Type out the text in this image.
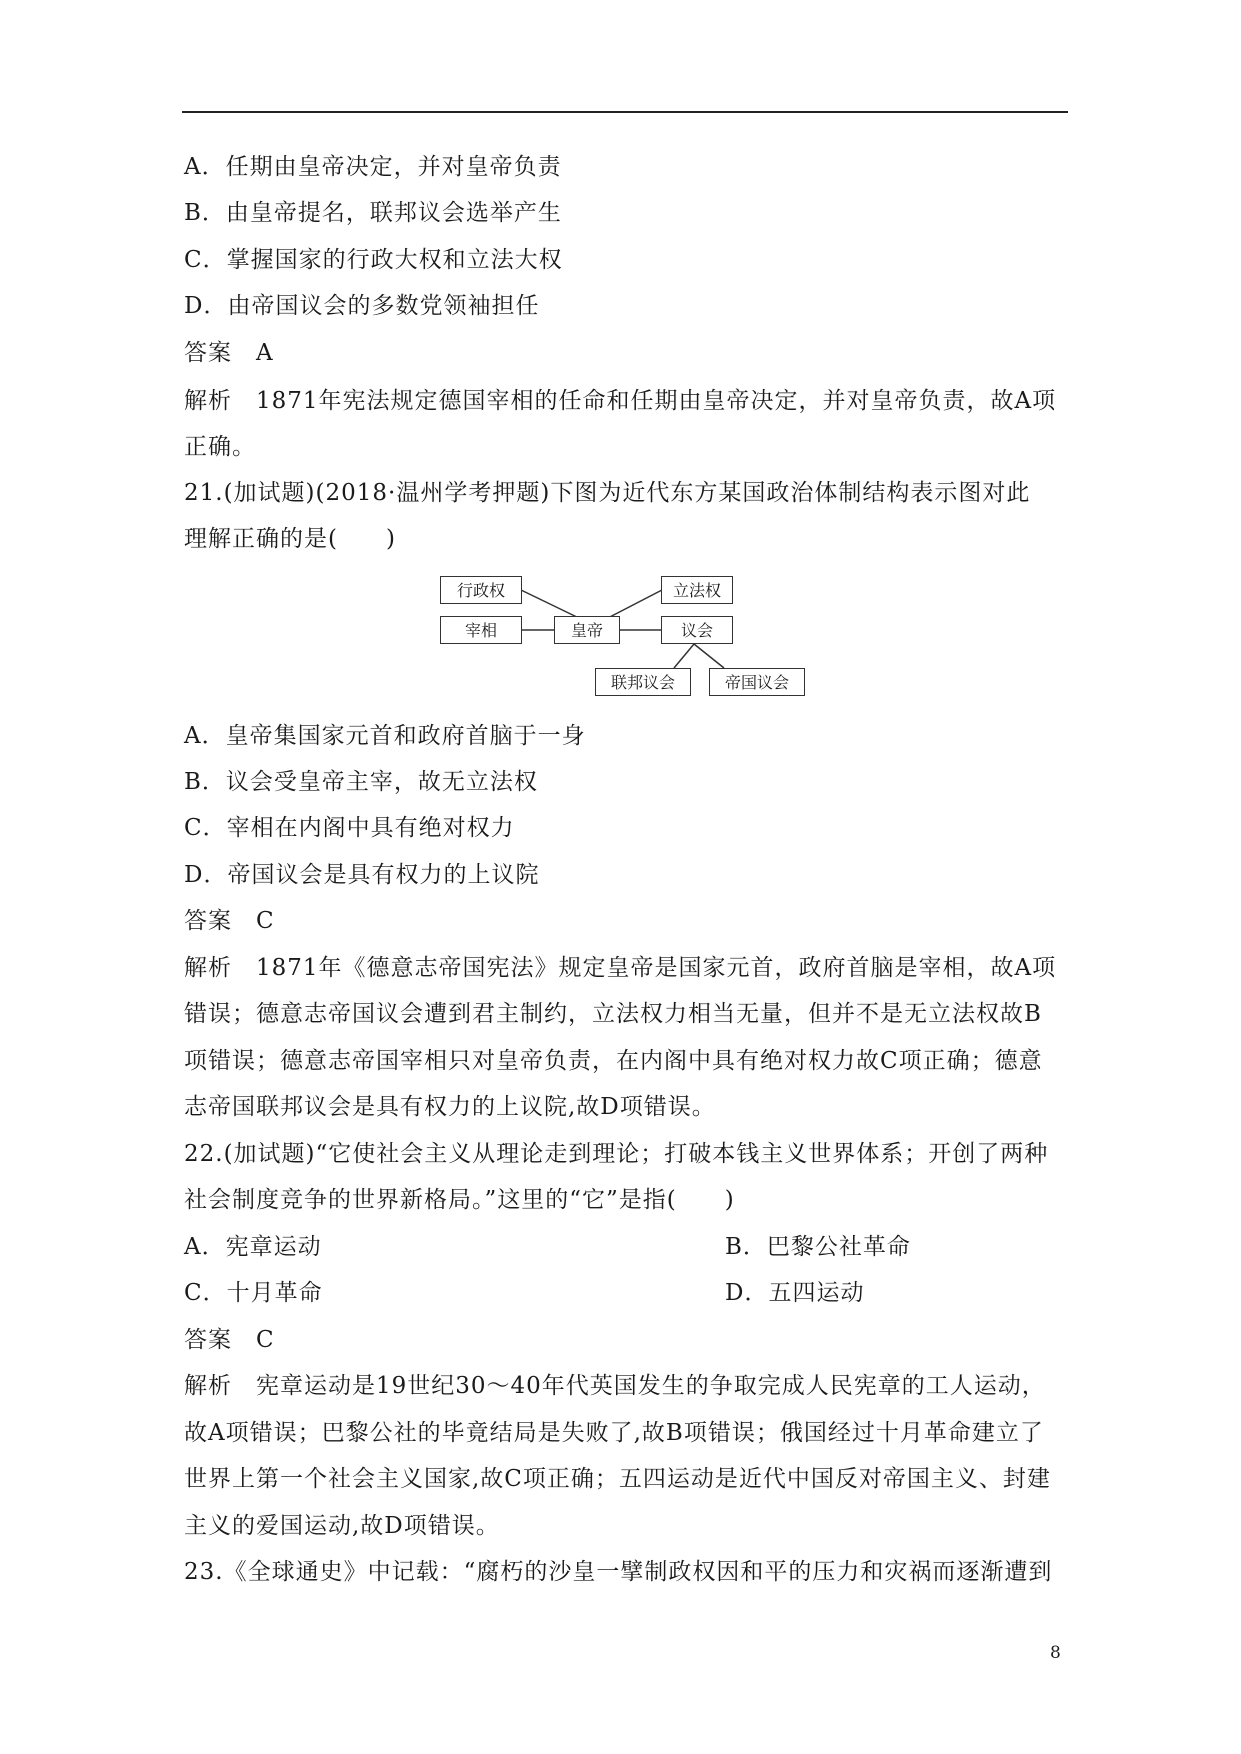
A．任期由皇帝决定，并对皇帝负责
B．由皇帝提名，联邦议会选举产生
C．掌握国家的行政大权和立法大权
D．由帝国议会的多数党领袖担任
答案　A
解析　1871年宪法规定德国宰相的任命和任期由皇帝决定，并对皇帝负责，故A项
正确。
21.(加试题)(2018·温州学考押题)下图为近代东方某国政治体制结构表示图对此
理解正确的是(　　)
行政权
宰相	皇帝
立法权
议会
联邦议会	帝国议会
A．皇帝集国家元首和政府首脑于一身
B．议会受皇帝主宰，故无立法权
C．宰相在内阁中具有绝对权力
D．帝国议会是具有权力的上议院
答案　C
解析　1871年《德意志帝国宪法》规定皇帝是国家元首，政府首脑是宰相，故A项
错误；德意志帝国议会遭到君主制约，立法权力相当无量，但并不是无立法权故B
项错误；德意志帝国宰相只对皇帝负责，在内阁中具有绝对权力故C项正确；德意
志帝国联邦议会是具有权力的上议院,故D项错误。
22.(加试题)“它使社会主义从理论走到理论；打破本钱主义世界体系；开创了两种
社会制度竞争的世界新格局。”这里的“它”是指(　　)
A．宪章运动	B．巴黎公社革命
C．十月革命	D．五四运动
答案　C
解析　宪章运动是19世纪30～40年代英国发生的争取完成人民宪章的工人运动，
故A项错误；巴黎公社的毕竟结局是失败了,故B项错误；俄国经过十月革命建立了
世界上第一个社会主义国家,故C项正确；五四运动是近代中国反对帝国主义、封建
主义的爱国运动,故D项错误。
23.《全球通史》中记载：“腐朽的沙皇一擘制政权因和平的压力和灾祸而逐渐遭到
8
